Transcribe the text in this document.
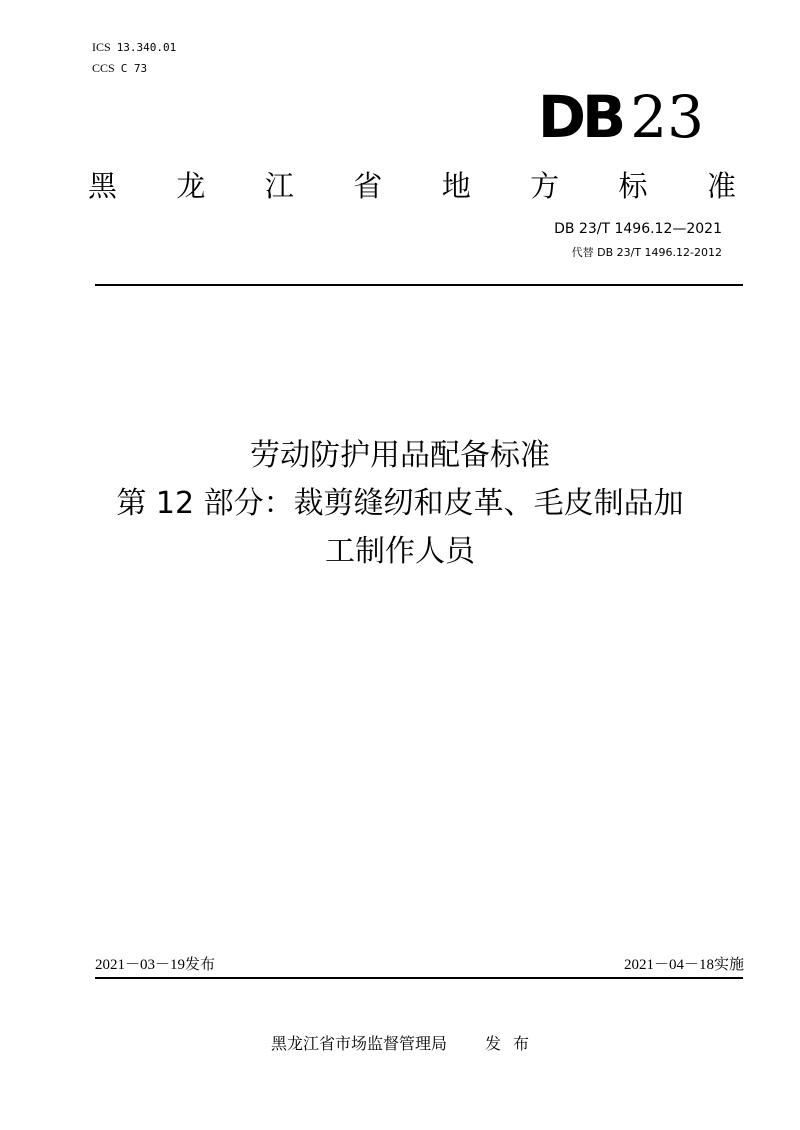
ICS 13.340.01
CCS C 73
DB 23
黑 龙 江 省 地 方 标 准
DB 23/T 1496.12—2021
代替 DB 23/T 1496.12-2012
劳动防护用品配备标准
第 12 部分：裁剪缝纫和皮革、毛皮制品加
工制作人员
2021－03－19发布	2021－04－18实施
黑龙江省市场监督管理局 发 布
